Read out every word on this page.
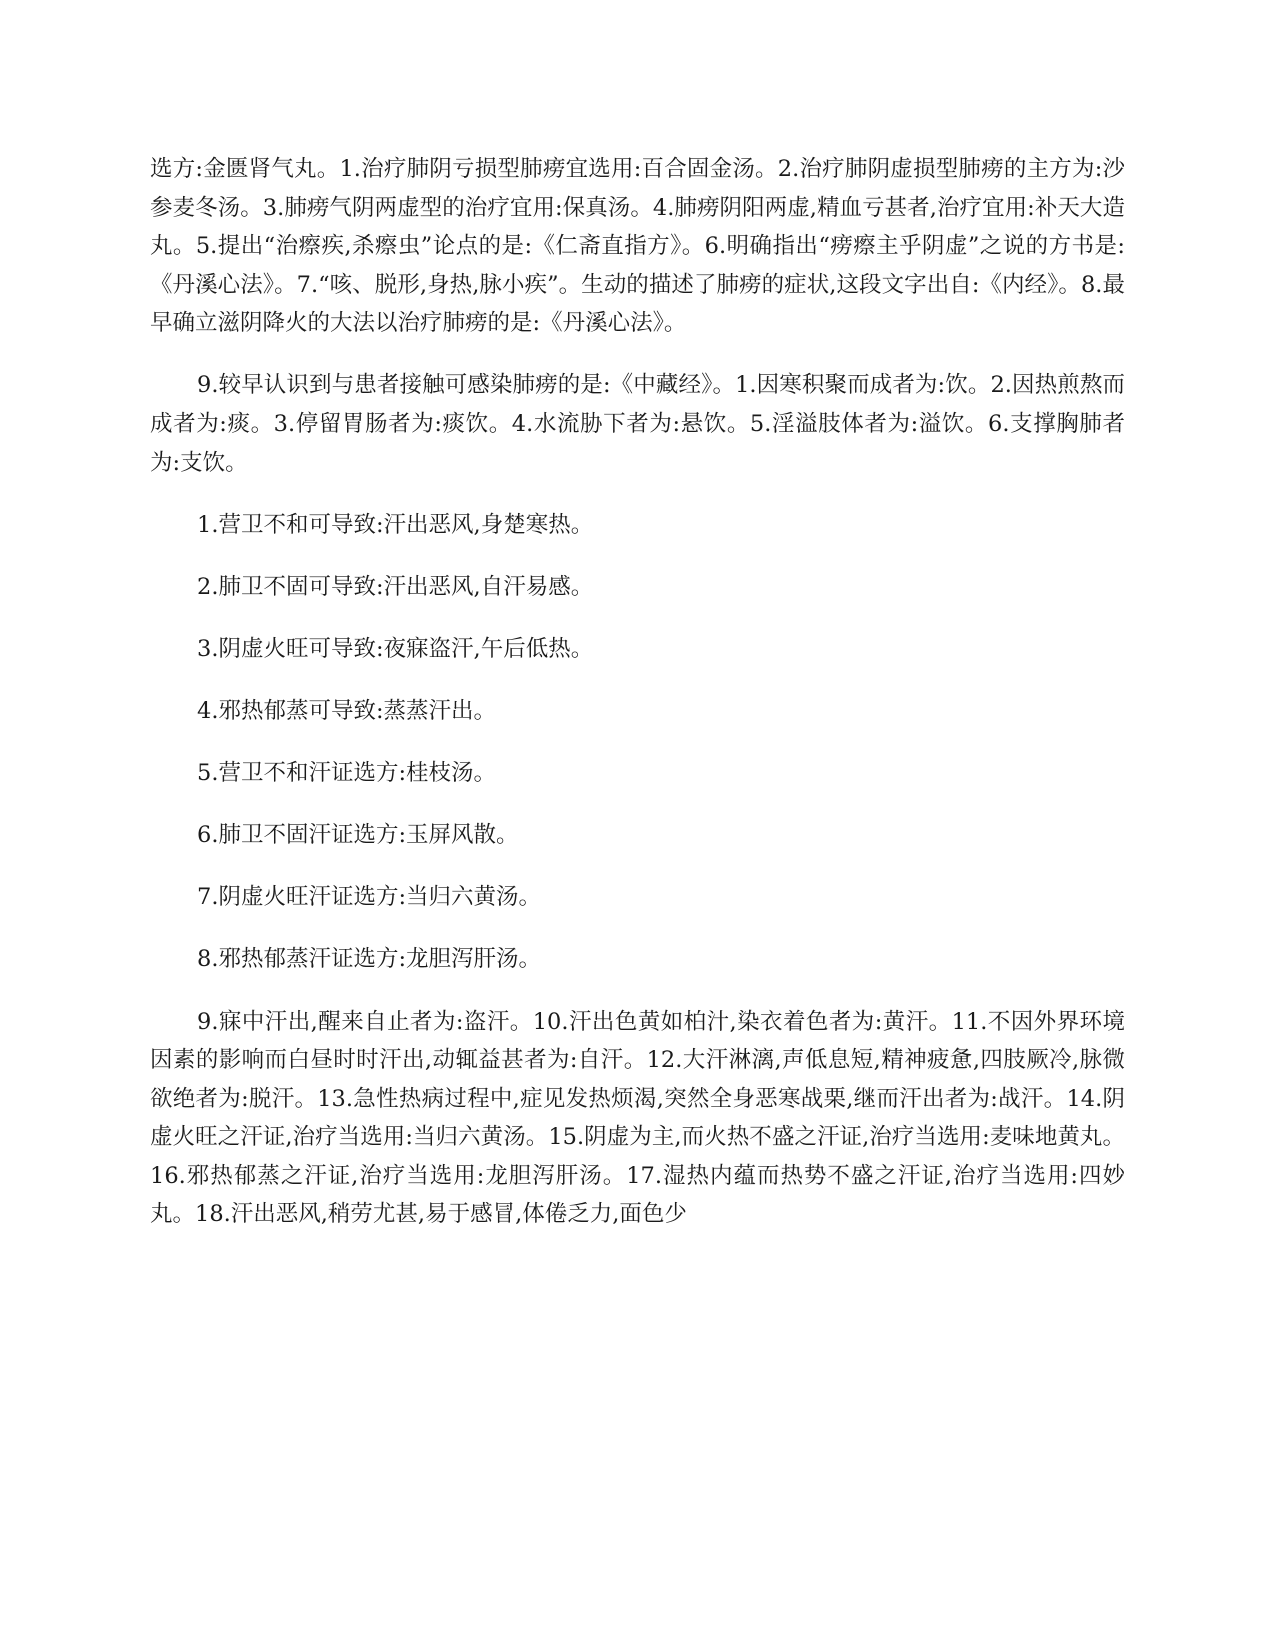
选方:金匮肾气丸。1.治疗肺阴亏损型肺痨宜选用:百合固金汤。2.治疗肺阴虚损型肺痨的主方为:沙参麦冬汤。3.肺痨气阴两虚型的治疗宜用:保真汤。4.肺痨阴阳两虚,精血亏甚者,治疗宜用:补天大造丸。5.提出“治瘵疾,杀瘵虫”论点的是:《仁斋直指方》。6.明确指出“痨瘵主乎阴虚”之说的方书是:《丹溪心法》。7.“咳、脱形,身热,脉小疾”。生动的描述了肺痨的症状,这段文字出自:《内经》。8.最早确立滋阴降火的大法以治疗肺痨的是:《丹溪心法》。

9.较早认识到与患者接触可感染肺痨的是:《中藏经》。1.因寒积聚而成者为:饮。2.因热煎熬而成者为:痰。3.停留胃肠者为:痰饮。4.水流胁下者为:悬饮。5.淫溢肢体者为:溢饮。6.支撑胸肺者为:支饮。

1.营卫不和可导致:汗出恶风,身楚寒热。

2.肺卫不固可导致:汗出恶风,自汗易感。

3.阴虚火旺可导致:夜寐盗汗,午后低热。

4.邪热郁蒸可导致:蒸蒸汗出。

5.营卫不和汗证选方:桂枝汤。

6.肺卫不固汗证选方:玉屏风散。

7.阴虚火旺汗证选方:当归六黄汤。

8.邪热郁蒸汗证选方:龙胆泻肝汤。

9.寐中汗出,醒来自止者为:盗汗。10.汗出色黄如柏汁,染衣着色者为:黄汗。11.不因外界环境因素的影响而白昼时时汗出,动辄益甚者为:自汗。12.大汗淋漓,声低息短,精神疲惫,四肢厥冷,脉微欲绝者为:脱汗。13.急性热病过程中,症见发热烦渴,突然全身恶寒战栗,继而汗出者为:战汗。14.阴虚火旺之汗证,治疗当选用:当归六黄汤。15.阴虚为主,而火热不盛之汗证,治疗当选用:麦味地黄丸。16.邪热郁蒸之汗证,治疗当选用:龙胆泻肝汤。17.湿热内蕴而热势不盛之汗证,治疗当选用:四妙丸。18.汗出恶风,稍劳尤甚,易于感冒,体倦乏力,面色少
